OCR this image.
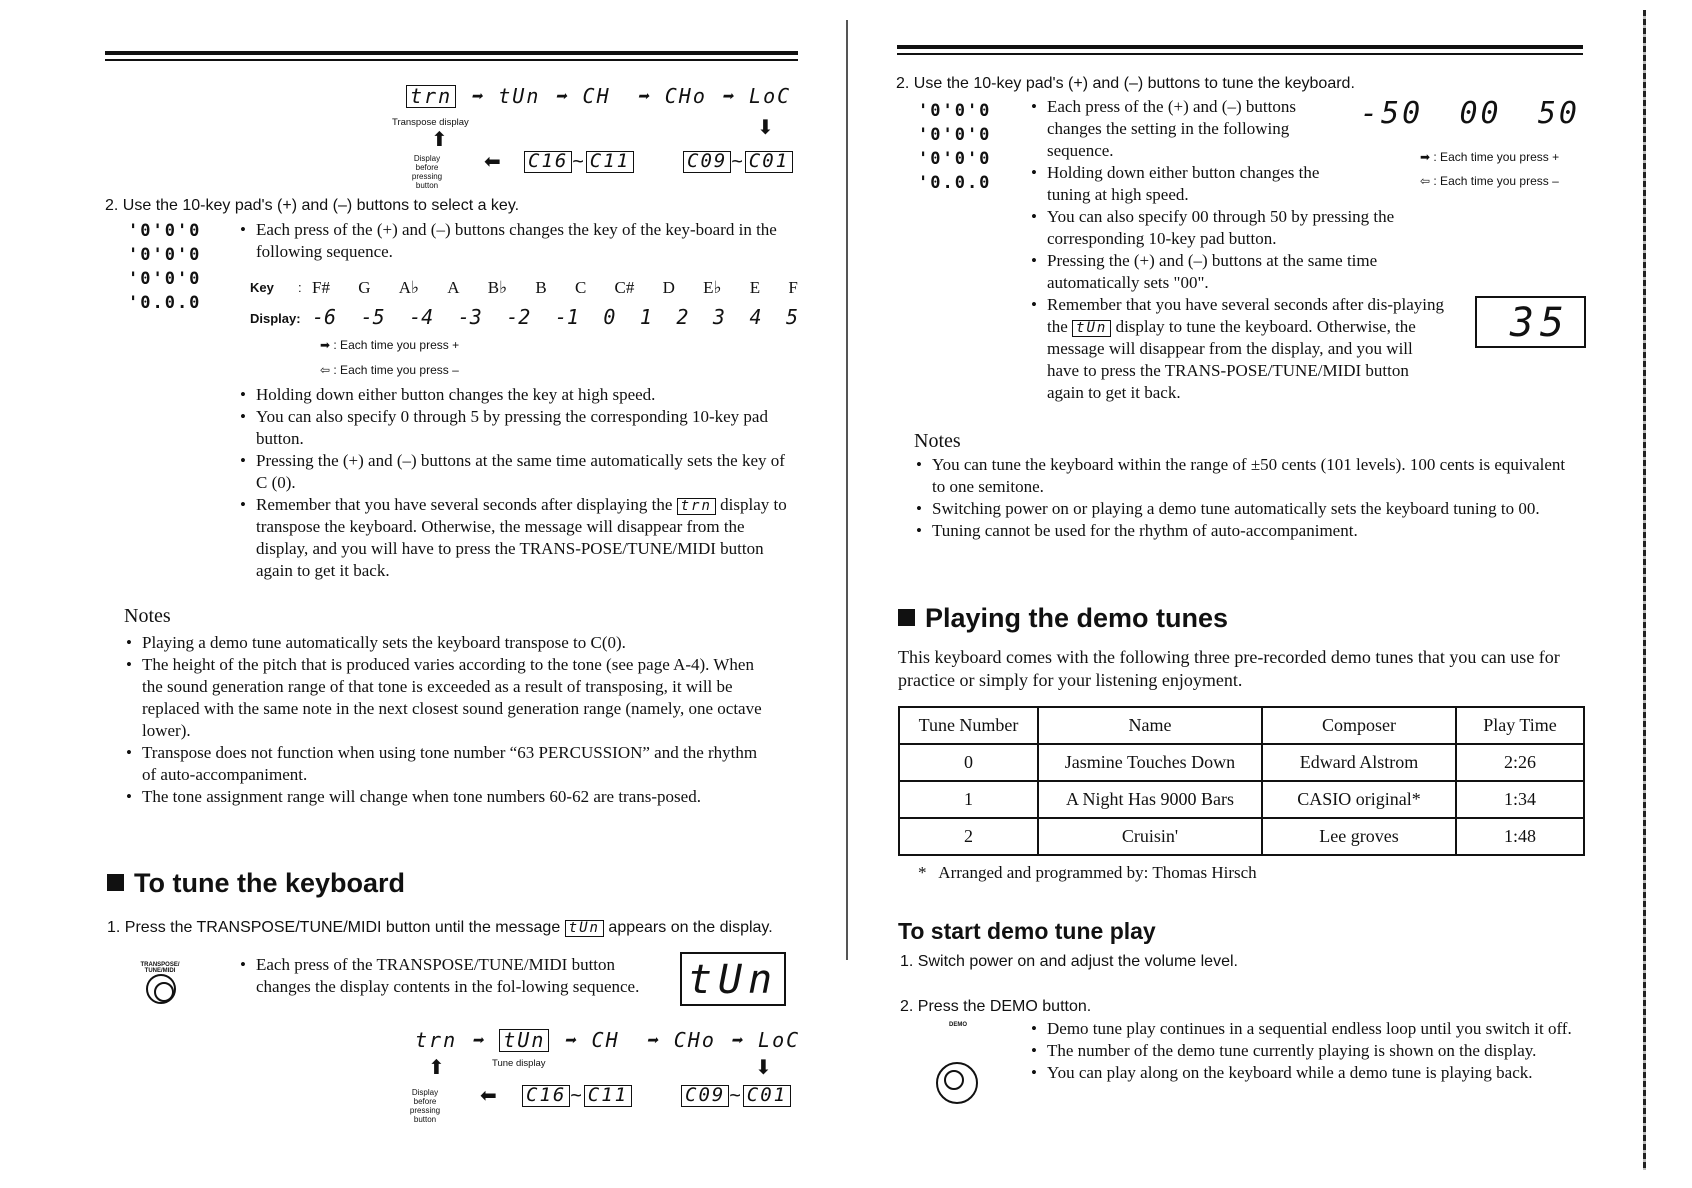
trn ➡ tUn ➡ CH ➡ CHo ➡ LoC
Transpose display
⬆
⬇
Display before pressing button
⬅ C16 ~ C11	C09 ~ C01
2. Use the 10-key pad's (+) and (–) buttons to select a key.
'0'0'0
'0'0'0
'0'0'0
'0.0.0
• Each press of the (+) and (–) buttons changes the key of the key-board in the following sequence.
Key : F# G A♭ A B♭ B C C# D E♭ E F
Display: -6 -5 -4 -3 -2 -1 0 1 2 3 4 5
➡ : Each time you press +
⇦ : Each time you press –
• Holding down either button changes the key at high speed.
• You can also specify 0 through 5 by pressing the corresponding 10-key pad button.
• Pressing the (+) and (–) buttons at the same time automatically sets the key of C (0).
• Remember that you have several seconds after displaying the trn display to transpose the keyboard. Otherwise, the message will disappear from the display, and you will have to press the TRANS-POSE/TUNE/MIDI button again to get it back.
Notes
• Playing a demo tune automatically sets the keyboard transpose to C(0).
• The height of the pitch that is produced varies according to the tone (see page A-4). When the sound generation range of that tone is exceeded as a result of transposing, it will be replaced with the same note in the next closest sound generation range (namely, one octave lower).
• Transpose does not function when using tone number “63 PERCUSSION” and the rhythm of auto-accompaniment.
• The tone assignment range will change when tone numbers 60-62 are trans-posed.
To tune the keyboard
1. Press the TRANSPOSE/TUNE/MIDI button until the message tUn appears on the display.
TRANSPOSE/ TUNE/MIDI	• Each press of the TRANSPOSE/TUNE/MIDI button changes the display contents in the fol-lowing sequence. tUn
trn ➡ tUn ➡ CH ➡ CHo ➡ LoC
Tune display
⬆	⬇
Display before pressing button
⬅ C16 ~ C11	C09 ~ C01
2. Use the 10-key pad's (+) and (–) buttons to tune the keyboard.
'0'0'0
'0'0'0
'0'0'0
'0.0.0
• Each press of the (+) and (–) buttons changes the setting in the following sequence.
• Holding down either button changes the tuning at high speed.
• You can also specify 00 through 50 by pressing the corresponding 10-key pad button.
• Pressing the (+) and (–) buttons at the same time automatically sets "00".
• Remember that you have several seconds after dis-playing the tUn display to tune the keyboard. Otherwise, the message will disappear from the display, and you will have to press the TRANS-POSE/TUNE/MIDI button again to get it back.
-50 00 50
➡ : Each time you press +
⇦ : Each time you press –
35
Notes
• You can tune the keyboard within the range of ±50 cents (101 levels). 100 cents is equivalent to one semitone.
• Switching power on or playing a demo tune automatically sets the keyboard tuning to 00.
• Tuning cannot be used for the rhythm of auto-accompaniment.
Playing the demo tunes
This keyboard comes with the following three pre-recorded demo tunes that you can use for practice or simply for your listening enjoyment.
Tune Number	Name	Composer	Play Time
0	Jasmine Touches Down	Edward Alstrom	2:26
1	A Night Has 9000 Bars	CASIO original*	1:34
2	Cruisin'	Lee groves	1:48
*   Arranged and programmed by: Thomas Hirsch
To start demo tune play
1. Switch power on and adjust the volume level.
2. Press the DEMO button.
DEMO	• Demo tune play continues in a sequential endless loop until you switch it off.
• The number of the demo tune currently playing is shown on the display.
• You can play along on the keyboard while a demo tune is playing back.
